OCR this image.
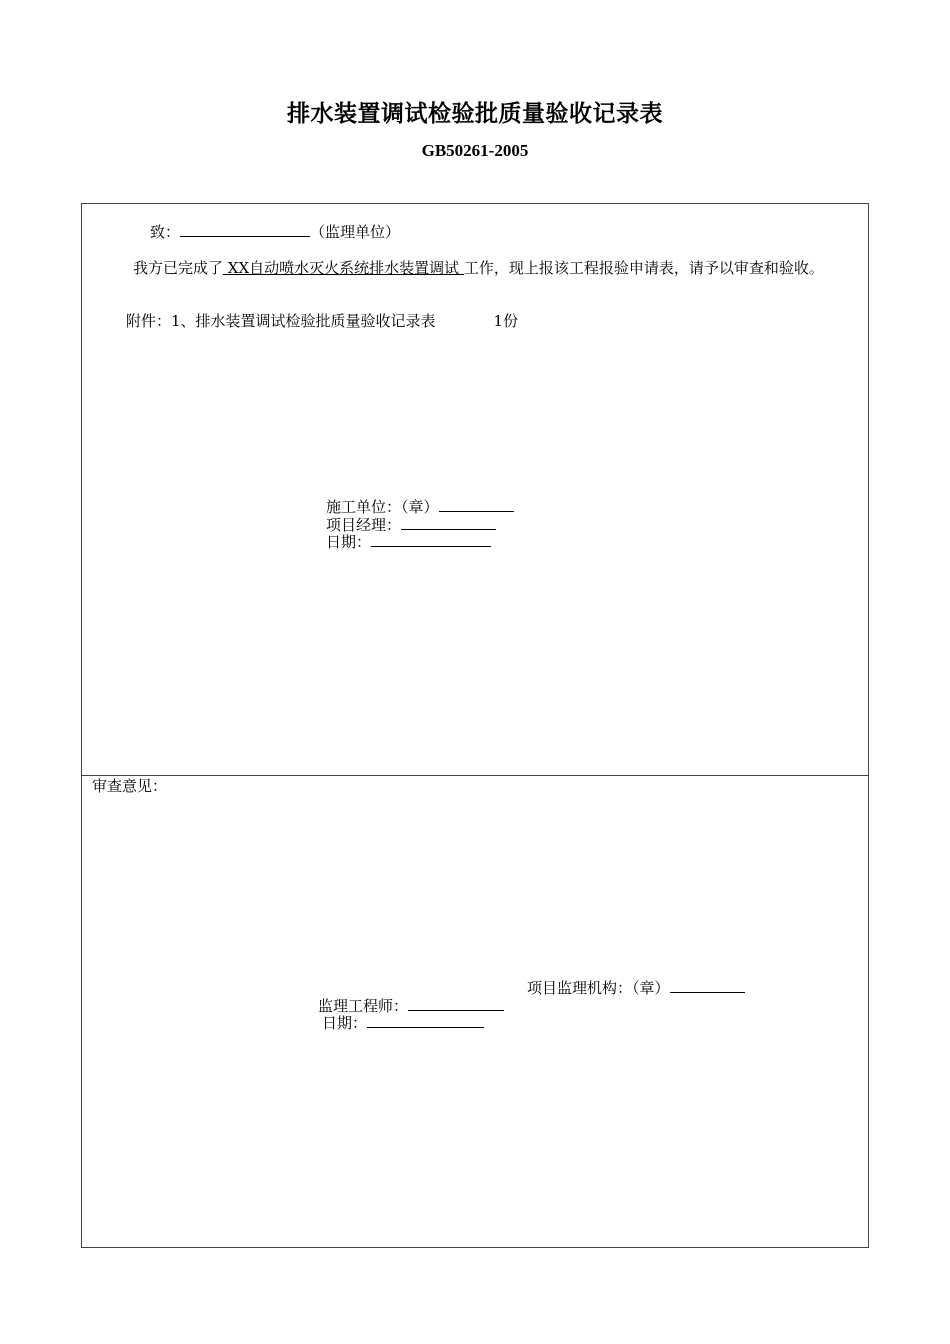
排水装置调试检验批质量验收记录表
GB50261-2005
致：	（监理单位）
我方已完成了 XX自动喷水灭火系统排水装置调试 工作，现上报该工程报验申请表，请予以审查和验收。
附件：1、排水装置调试检验批质量验收记录表	1份
施工单位：（章）
项目经理：
日期：
审查意见：
项目监理机构：（章）
监理工程师：
日期：
